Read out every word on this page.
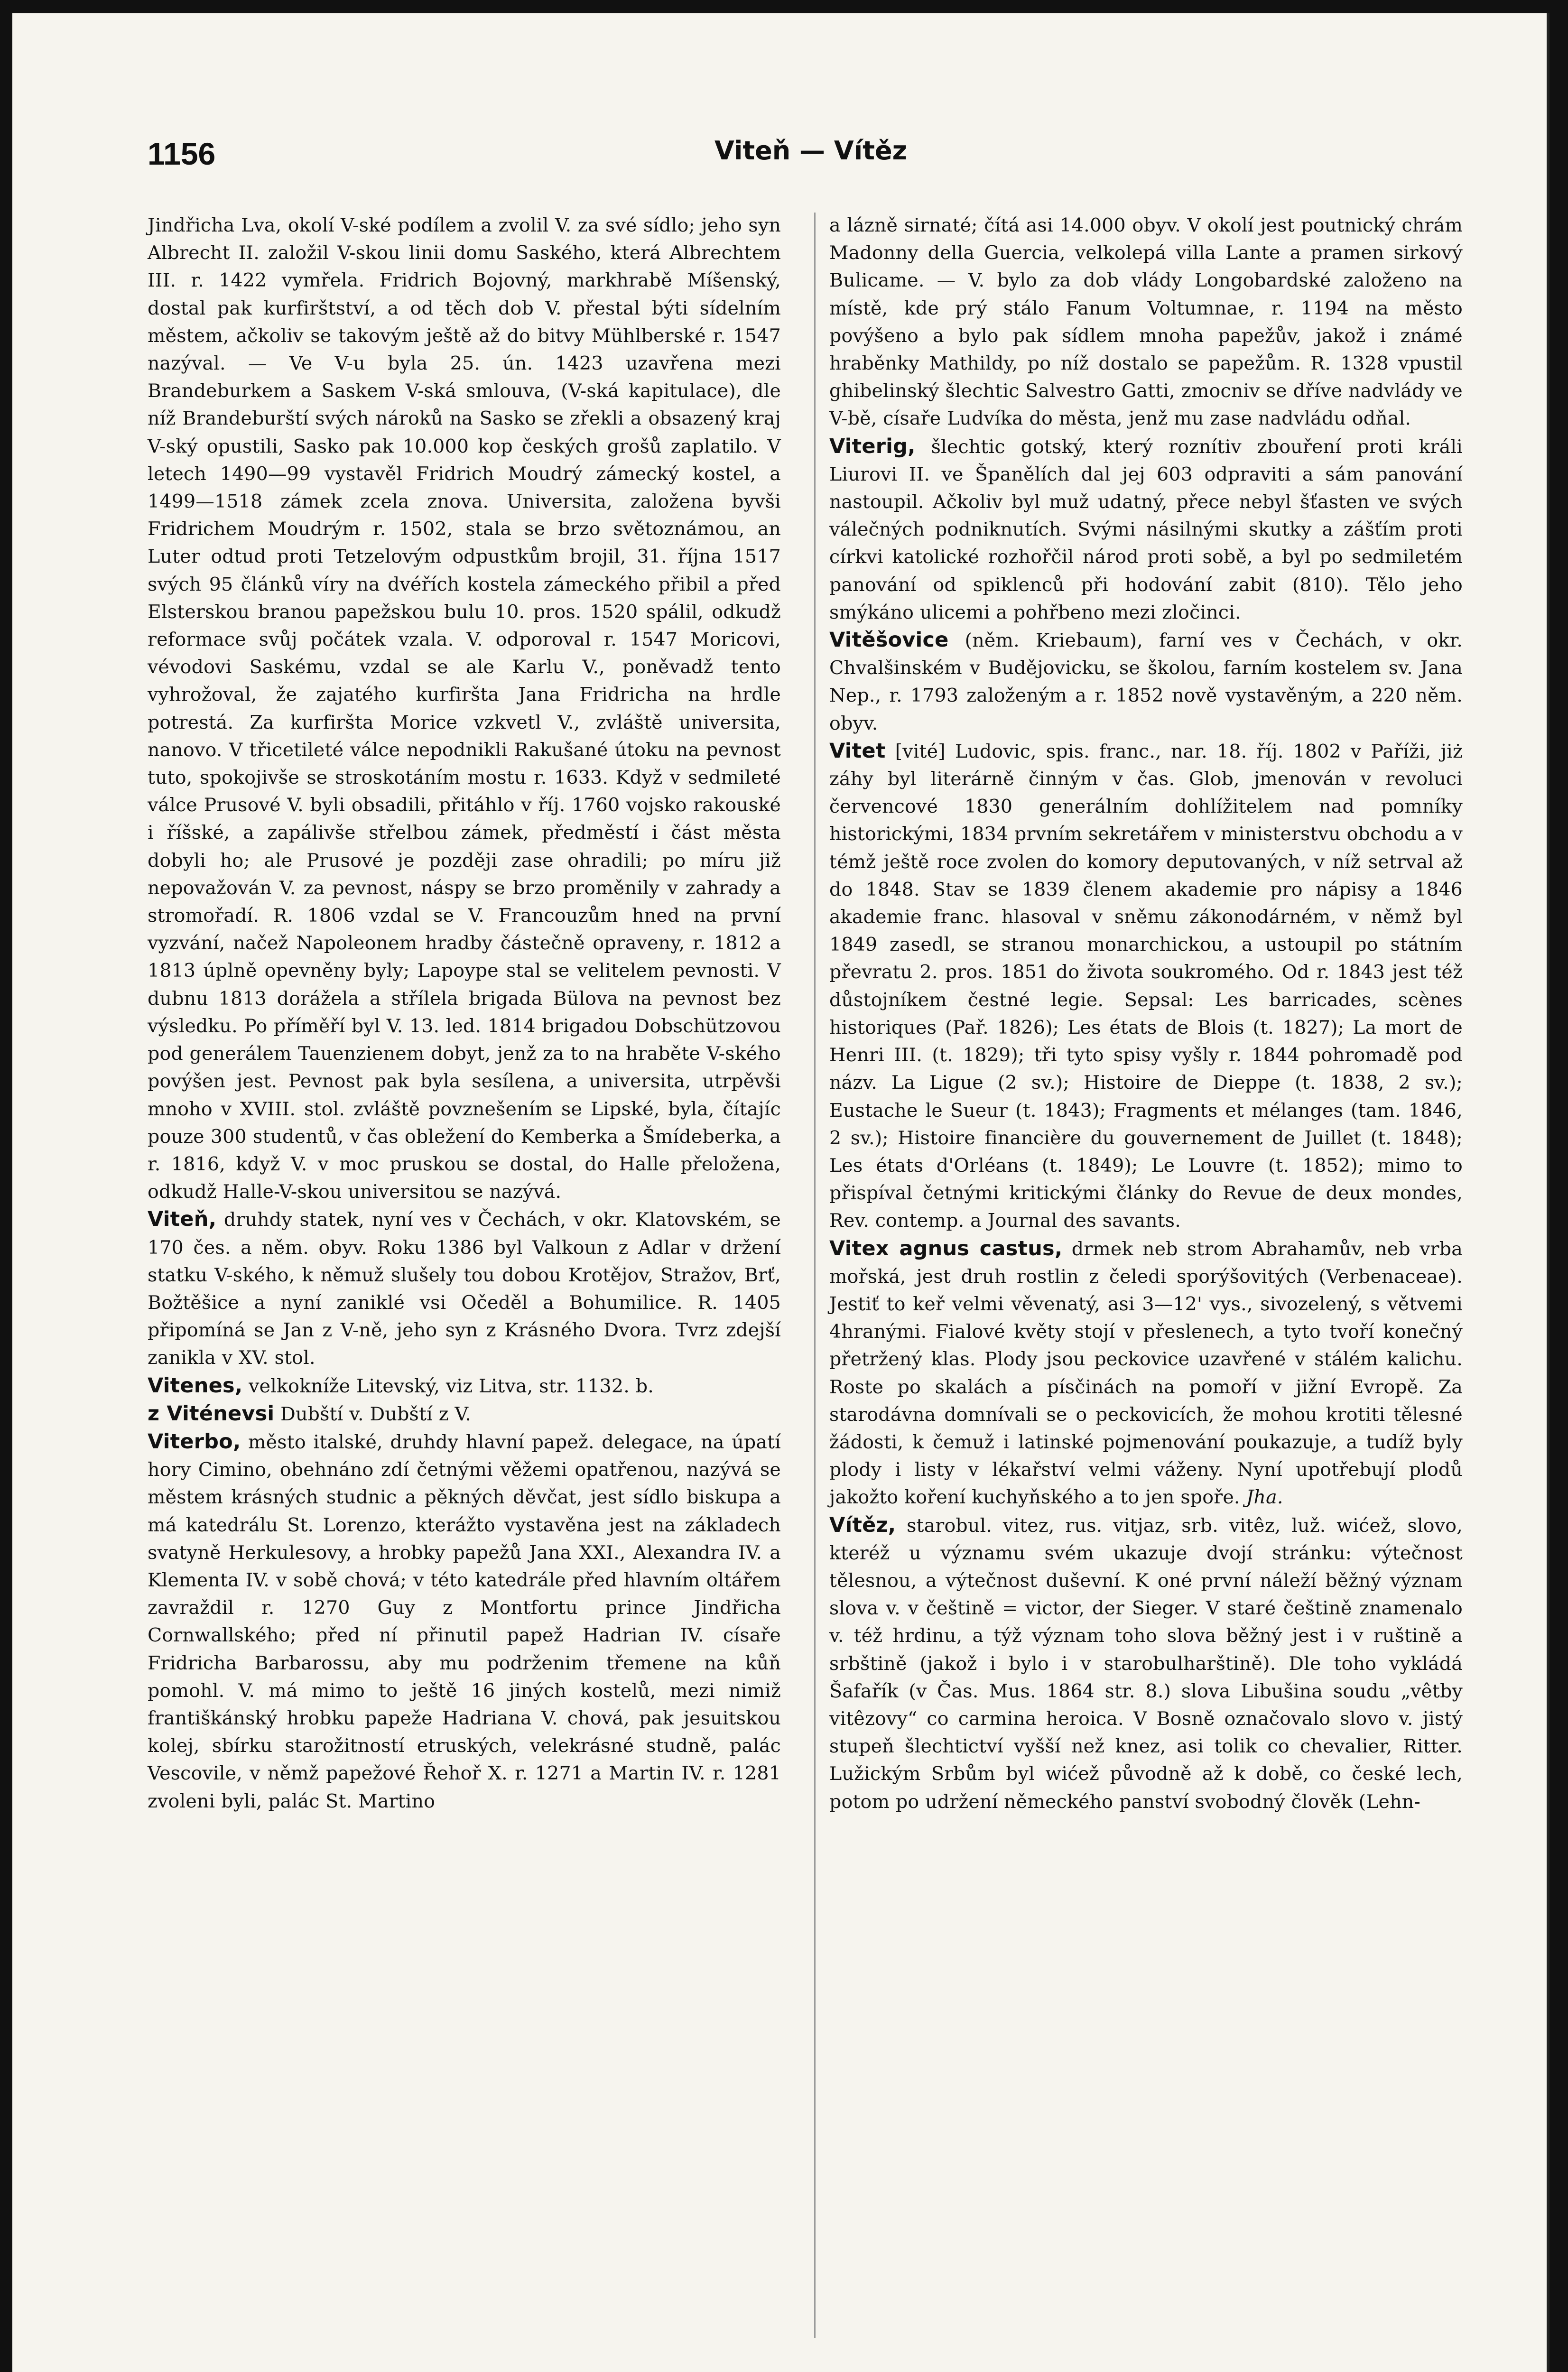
1156	Viteň — Vítěz

Jindřicha Lva, okolí V-ské podílem a zvolil V. za své sídlo; jeho syn Albrecht II. založil V-skou linii domu Saského, která Albrechtem III. r. 1422 vymřela. Fridrich Bojovný, markhrabě Míšenský, dostal pak kurfirštství, a od těch dob V. přestal býti sídelním městem, ačkoliv se takovým ještě až do bitvy Mühlberské r. 1547 nazýval. — Ve V-u byla 25. ún. 1423 uzavřena mezi Brandeburkem a Saskem V-ská smlouva, (V-ská kapitulace), dle níž Brandeburští svých nároků na Sasko se zřekli a obsazený kraj V-ský opustili, Sasko pak 10.000 kop českých grošů zaplatilo. V letech 1490—99 vystavěl Fridrich Moudrý zámecký kostel, a 1499—1518 zámek zcela znova. Universita, založena byvši Fridrichem Moudrým r. 1502, stala se brzo světoznámou, an Luter odtud proti Tetzelovým odpustkům brojil, 31. října 1517 svých 95 článků víry na dvéřích kostela zámeckého přibil a před Elsterskou branou papežskou bulu 10. pros. 1520 spálil, odkudž reformace svůj počátek vzala. V. odporoval r. 1547 Moricovi, vévodovi Saskému, vzdal se ale Karlu V., poněvadž tento vyhrožoval, že zajatého kurfiršta Jana Fridricha na hrdle potrestá. Za kurfiršta Morice vzkvetl V., zvláště universita, nanovo. V třicetileté válce nepodnikli Rakušané útoku na pevnost tuto, spokojivše se stroskotáním mostu r. 1633. Když v sedmileté válce Prusové V. byli obsadili, přitáhlo v říj. 1760 vojsko rakouské i říšské, a zapálivše střelbou zámek, předměstí i část města dobyli ho; ale Prusové je později zase ohradili; po míru již nepovažován V. za pevnost, náspy se brzo proměnily v zahrady a stromořadí. R. 1806 vzdal se V. Francouzům hned na první vyzvání, načež Napoleonem hradby částečně opraveny, r. 1812 a 1813 úplně opevněny byly; Lapoype stal se velitelem pevnosti. V dubnu 1813 dorážela a střílela brigada Bülova na pevnost bez výsledku. Po příměří byl V. 13. led. 1814 brigadou Dobschützovou pod generálem Tauenzienem dobyt, jenž za to na hraběte V-ského povýšen jest. Pevnost pak byla sesílena, a universita, utrpěvši mnoho v XVIII. stol. zvláště povznešením se Lipské, byla, čítajíc pouze 300 studentů, v čas obležení do Kemberka a Šmídeberka, a r. 1816, když V. v moc pruskou se dostal, do Halle přeložena, odkudž Halle-V-skou universitou se nazývá.

Viteň, druhdy statek, nyní ves v Čechách, v okr. Klatovském, se 170 čes. a něm. obyv. Roku 1386 byl Valkoun z Adlar v držení statku V-ského, k němuž slušely tou dobou Krotějov, Stražov, Brť, Božtěšice a nyní zaniklé vsi Očeděl a Bohumilice. R. 1405 připomíná se Jan z V-ně, jeho syn z Krásného Dvora. Tvrz zdejší zanikla v XV. stol.

Vitenes, velkokníže Litevský, viz Litva, str. 1132. b.

z Viténevsi Dubští v. Dubští z V.

Viterbo, město italské, druhdy hlavní papež. delegace, na úpatí hory Cimino, obehnáno zdí četnými věžemi opatřenou, nazývá se městem krásných studnic a pěkných děvčat, jest sídlo biskupa a má katedrálu St. Lorenzo, kterážto vystavěna jest na základech svatyně Herkulesovy, a hrobky papežů Jana XXI., Alexandra IV. a Klementa IV. v sobě chová; v této katedrále před hlavním oltářem zavraždil r. 1270 Guy z Montfortu prince Jindřicha Cornwallského; před ní přinutil papež Hadrian IV. císaře Fridricha Barbarossu, aby mu podrženim třemene na kůň pomohl. V. má mimo to ještě 16 jiných kostelů, mezi nimiž františkánský hrobku papeže Hadriana V. chová, pak jesuitskou kolej, sbírku starožitností etruských, velekrásné studně, palác Vescovile, v němž papežové Řehoř X. r. 1271 a Martin IV. r. 1281 zvoleni byli, palác St. Martino

a lázně sirnaté; čítá asi 14.000 obyv. V okolí jest poutnický chrám Madonny della Guercia, velkolepá villa Lante a pramen sirkový Bulicame. — V. bylo za dob vlády Longobardské založeno na místě, kde prý stálo Fanum Voltumnae, r. 1194 na město povýšeno a bylo pak sídlem mnoha papežův, jakož i známé hraběnky Mathildy, po níž dostalo se papežům. R. 1328 vpustil ghibelinský šlechtic Salvestro Gatti, zmocniv se dříve nadvlády ve V-bě, císaře Ludvíka do města, jenž mu zase nadvládu odňal.

Viterig, šlechtic gotský, který roznítiv zbouření proti králi Liurovi II. ve Španělích dal jej 603 odpraviti a sám panování nastoupil. Ačkoliv byl muž udatný, přece nebyl šťasten ve svých válečných podniknutích. Svými násilnými skutky a zášťím proti církvi katolické rozhořčil národ proti sobě, a byl po sedmiletém panování od spiklenců při hodování zabit (810). Tělo jeho smýkáno ulicemi a pohřbeno mezi zločinci.

Vitěšovice (něm. Kriebaum), farní ves v Čechách, v okr. Chvalšinském v Budějovicku, se školou, farním kostelem sv. Jana Nep., r. 1793 založeným a r. 1852 nově vystavěným, a 220 něm. obyv.

Vitet [vité] Ludovic, spis. franc., nar. 18. říj. 1802 v Paříži, jiż záhy byl literárně činným v čas. Glob, jmenován v revoluci červencové 1830 generálním dohlížitelem nad pomníky historickými, 1834 prvním sekretářem v ministerstvu obchodu a v témž ještě roce zvolen do komory deputovaných, v níž setrval až do 1848. Stav se 1839 členem akademie pro nápisy a 1846 akademie franc. hlasoval v sněmu zákonodárném, v němž byl 1849 zasedl, se stranou monarchickou, a ustoupil po státním převratu 2. pros. 1851 do života soukromého. Od r. 1843 jest též důstojníkem čestné legie. Sepsal: Les barricades, scènes historiques (Pař. 1826); Les états de Blois (t. 1827); La mort de Henri III. (t. 1829); tři tyto spisy vyšly r. 1844 pohromadě pod názv. La Ligue (2 sv.); Histoire de Dieppe (t. 1838, 2 sv.); Eustache le Sueur (t. 1843); Fragments et mélanges (tam. 1846, 2 sv.); Histoire financière du gouvernement de Juillet (t. 1848); Les états d'Orléans (t. 1849); Le Louvre (t. 1852); mimo to přispíval četnými kritickými články do Revue de deux mondes, Rev. contemp. a Journal des savants.

Vitex agnus castus, drmek neb strom Abrahamův, neb vrba mořská, jest druh rostlin z čeledi sporýšovitých (Verbenaceae). Jestiť to keř velmi věvenatý, asi 3—12' vys., sivozelený, s větvemi 4hranými. Fialové květy stojí v přeslenech, a tyto tvoří konečný přetržený klas. Plody jsou peckovice uzavřené v stálém kalichu. Roste po skalách a písčinách na pomoří v jižní Evropě. Za starodávna domnívali se o peckovicích, že mohou krotiti tělesné žádosti, k čemuž i latinské pojmenování poukazuje, a tudíž byly plody i listy v lékařství velmi váženy. Nyní upotřebují plodů jakožto koření kuchyňského a to jen spoře. Jha.

Vítěz, starobul. vitez, rus. vitjaz, srb. vitêz, luž. wićež, slovo, kteréž u významu svém ukazuje dvojí stránku: výtečnost tělesnou, a výtečnost duševní. K oné první náleží běžný význam slova v. v češtině = victor, der Sieger. V staré češtině znamenalo v. též hrdinu, a týž význam toho slova běžný jest i v ruštině a srbštině (jakož i bylo i v starobulharštině). Dle toho vykládá Šafařík (v Čas. Mus. 1864 str. 8.) slova Libušina soudu „vêtby vitêzovy“ co carmina heroica. V Bosně označovalo slovo v. jistý stupeň šlechtictví vyšší než knez, asi tolik co chevalier, Ritter. Lužickým Srbům byl wićež původně až k době, co české lech, potom po udržení německého panství svobodný člověk (Lehn-
